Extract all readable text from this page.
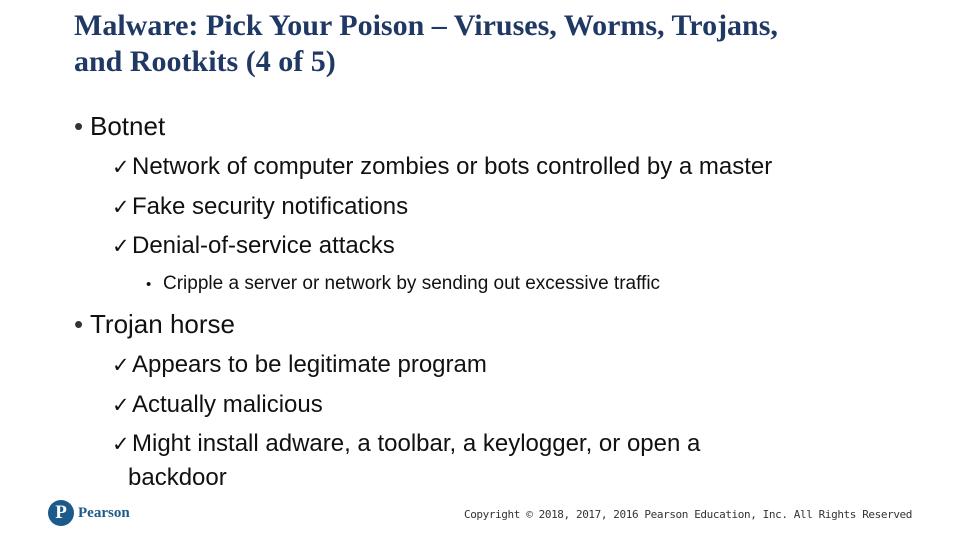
Malware: Pick Your Poison – Viruses, Worms, Trojans,
and Rootkits (4 of 5)
• Botnet
✓Network of computer zombies or bots controlled by a master
✓Fake security notifications
✓Denial-of-service attacks
• Cripple a server or network by sending out excessive traffic
• Trojan horse
✓Appears to be legitimate program
✓Actually malicious
✓Might install adware, a toolbar, a keylogger, or open a
backdoor
P Pearson	Copyright © 2018, 2017, 2016 Pearson Education, Inc. All Rights Reserved
